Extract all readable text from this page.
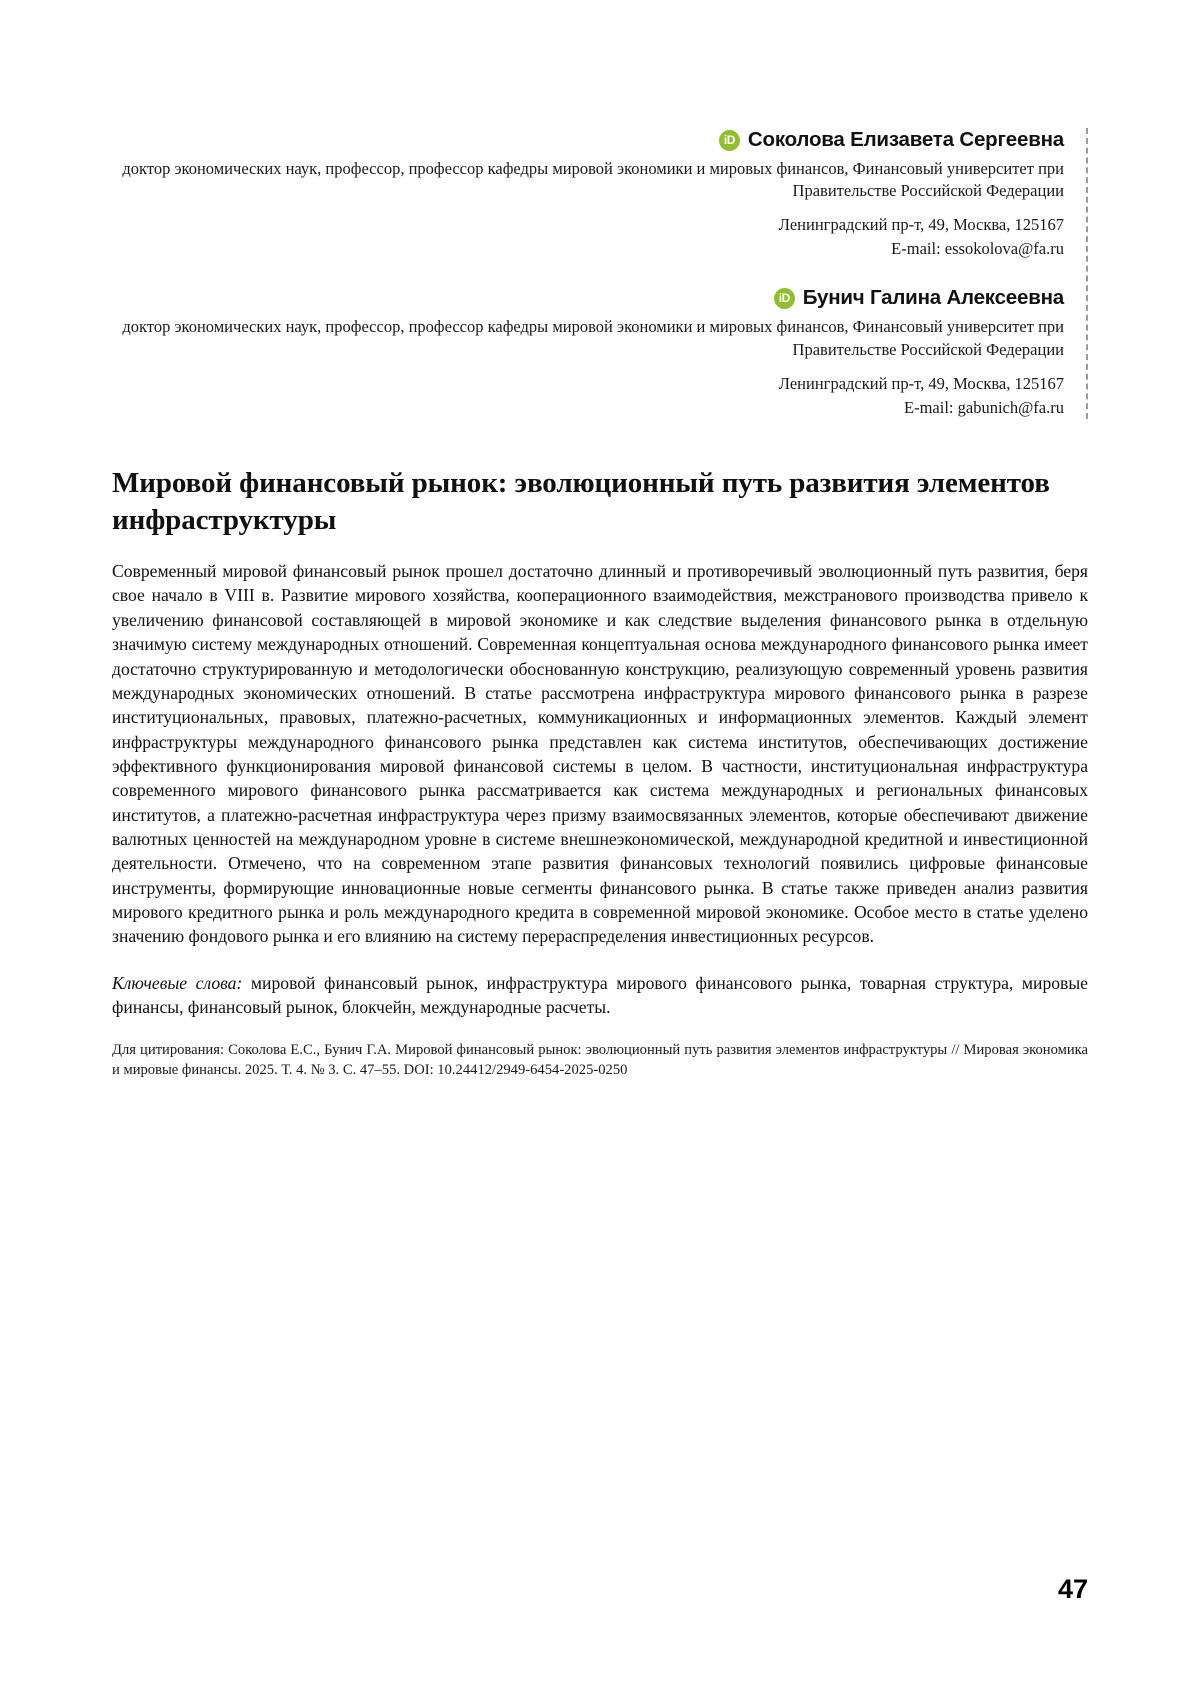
iD Соколова Елизавета Сергеевна
доктор экономических наук, профессор, профессор кафедры мировой экономики и мировых финансов, Финансовый университет при Правительстве Российской Федерации
Ленинградский пр-т, 49, Москва, 125167
E-mail: essokolova@fa.ru
iD Бунич Галина Алексеевна
доктор экономических наук, профессор, профессор кафедры мировой экономики и мировых финансов, Финансовый университет при Правительстве Российской Федерации
Ленинградский пр-т, 49, Москва, 125167
E-mail: gabunich@fa.ru
Мировой финансовый рынок: эволюционный путь развития элементов инфраструктуры
Современный мировой финансовый рынок прошел достаточно длинный и противоречивый эволюционный путь развития, беря свое начало в VIII в. Развитие мирового хозяйства, кооперационного взаимодействия, межстранового производства привело к увеличению финансовой составляющей в мировой экономике и как следствие выделения финансового рынка в отдельную значимую систему международных отношений. Современная концептуальная основа международного финансового рынка имеет достаточно структурированную и методологически обоснованную конструкцию, реализующую современный уровень развития международных экономических отношений. В статье рассмотрена инфраструктура мирового финансового рынка в разрезе институциональных, правовых, платежно-расчетных, коммуникационных и информационных элементов. Каждый элемент инфраструктуры международного финансового рынка представлен как система институтов, обеспечивающих достижение эффективного функционирования мировой финансовой системы в целом. В частности, институциональная инфраструктура современного мирового финансового рынка рассматривается как система международных и региональных финансовых институтов, а платежно-расчетная инфраструктура через призму взаимосвязанных элементов, которые обеспечивают движение валютных ценностей на международном уровне в системе внешнеэкономической, международной кредитной и инвестиционной деятельности. Отмечено, что на современном этапе развития финансовых технологий появились цифровые финансовые инструменты, формирующие инновационные новые сегменты финансового рынка. В статье также приведен анализ развития мирового кредитного рынка и роль международного кредита в современной мировой экономике. Особое место в статье уделено значению фондового рынка и его влиянию на систему перераспределения инвестиционных ресурсов.
Ключевые слова: мировой финансовый рынок, инфраструктура мирового финансового рынка, товарная структура, мировые финансы, финансовый рынок, блокчейн, международные расчеты.
Для цитирования: Соколова Е.С., Бунич Г.А. Мировой финансовый рынок: эволюционный путь развития элементов инфраструктуры // Мировая экономика и мировые финансы. 2025. Т. 4. № 3. С. 47–55. DOI: 10.24412/2949-6454-2025-0250
47
